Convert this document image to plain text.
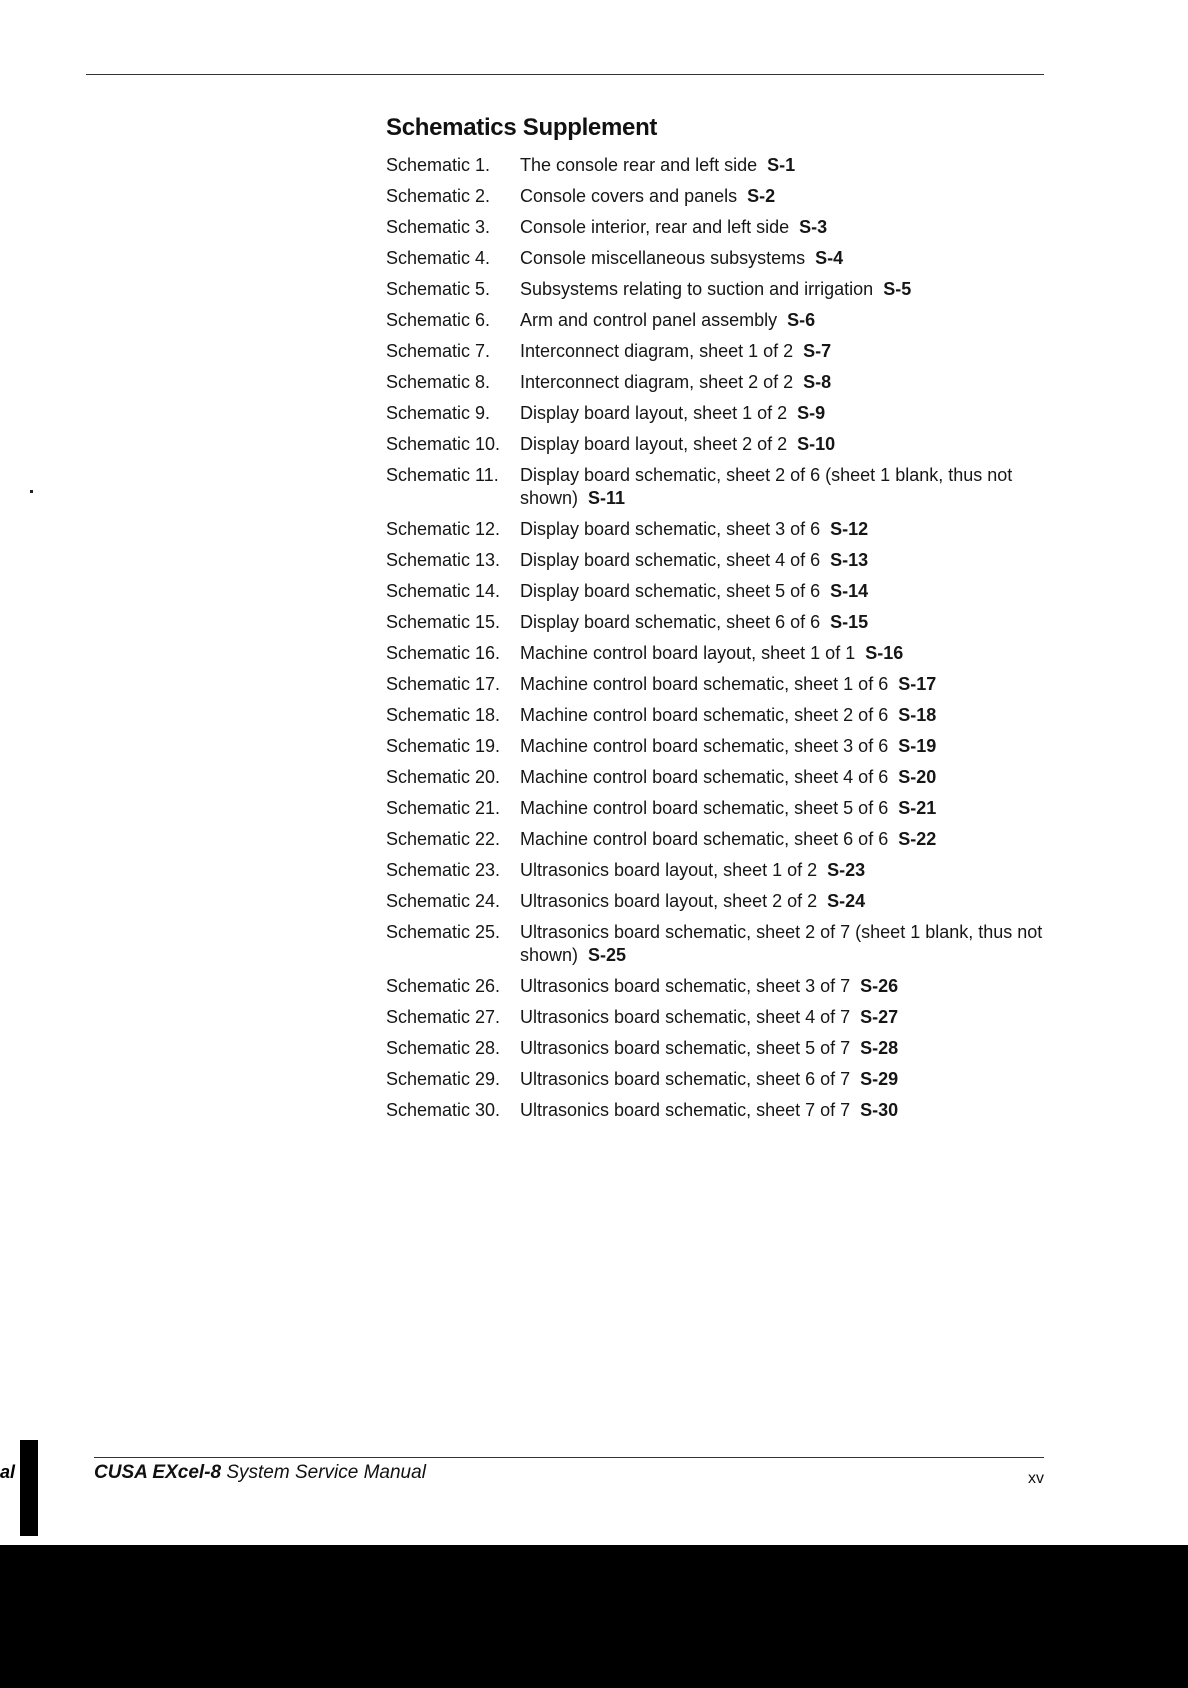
Schematics Supplement
Schematic 1.	The console rear and left side S-1
Schematic 2.	Console covers and panels S-2
Schematic 3.	Console interior, rear and left side S-3
Schematic 4.	Console miscellaneous subsystems S-4
Schematic 5.	Subsystems relating to suction and irrigation S-5
Schematic 6.	Arm and control panel assembly S-6
Schematic 7.	Interconnect diagram, sheet 1 of 2 S-7
Schematic 8.	Interconnect diagram, sheet 2 of 2 S-8
Schematic 9.	Display board layout, sheet 1 of 2 S-9
Schematic 10.	Display board layout, sheet 2 of 2 S-10
Schematic 11.	Display board schematic, sheet 2 of 6 (sheet 1 blank, thus not shown) S-11
Schematic 12.	Display board schematic, sheet 3 of 6 S-12
Schematic 13.	Display board schematic, sheet 4 of 6 S-13
Schematic 14.	Display board schematic, sheet 5 of 6 S-14
Schematic 15.	Display board schematic, sheet 6 of 6 S-15
Schematic 16.	Machine control board layout, sheet 1 of 1 S-16
Schematic 17.	Machine control board schematic, sheet 1 of 6 S-17
Schematic 18.	Machine control board schematic, sheet 2 of 6 S-18
Schematic 19.	Machine control board schematic, sheet 3 of 6 S-19
Schematic 20.	Machine control board schematic, sheet 4 of 6 S-20
Schematic 21.	Machine control board schematic, sheet 5 of 6 S-21
Schematic 22.	Machine control board schematic, sheet 6 of 6 S-22
Schematic 23.	Ultrasonics board layout, sheet 1 of 2 S-23
Schematic 24.	Ultrasonics board layout, sheet 2 of 2 S-24
Schematic 25.	Ultrasonics board schematic, sheet 2 of 7 (sheet 1 blank, thus not shown) S-25
Schematic 26.	Ultrasonics board schematic, sheet 3 of 7 S-26
Schematic 27.	Ultrasonics board schematic, sheet 4 of 7 S-27
Schematic 28.	Ultrasonics board schematic, sheet 5 of 7 S-28
Schematic 29.	Ultrasonics board schematic, sheet 6 of 7 S-29
Schematic 30.	Ultrasonics board schematic, sheet 7 of 7 S-30

CUSA EXcel-8 System Service Manual	xv
al
